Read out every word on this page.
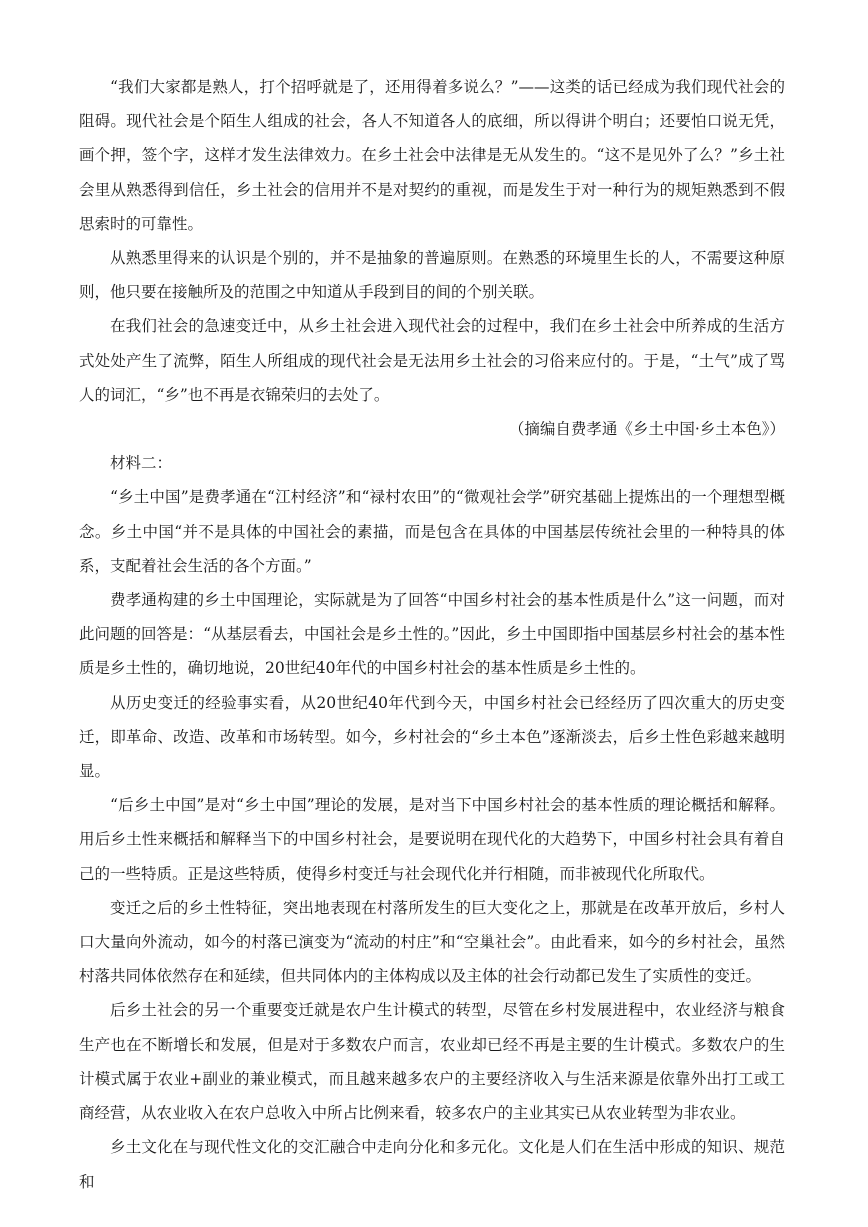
“我们大家都是熟人，打个招呼就是了，还用得着多说么？”——这类的话已经成为我们现代社会的阻碍。现代社会是个陌生人组成的社会，各人不知道各人的底细，所以得讲个明白；还要怕口说无凭，画个押，签个字，这样才发生法律效力。在乡土社会中法律是无从发生的。“这不是见外了么？”乡土社会里从熟悉得到信任，乡土社会的信用并不是对契约的重视，而是发生于对一种行为的规矩熟悉到不假思索时的可靠性。

从熟悉里得来的认识是个别的，并不是抽象的普遍原则。在熟悉的环境里生长的人，不需要这种原则，他只要在接触所及的范围之中知道从手段到目的间的个别关联。

在我们社会的急速变迁中，从乡土社会进入现代社会的过程中，我们在乡土社会中所养成的生活方式处处产生了流弊，陌生人所组成的现代社会是无法用乡土社会的习俗来应付的。于是，“土气”成了骂人的词汇，“乡”也不再是衣锦荣归的去处了。

（摘编自费孝通《乡土中国·乡土本色》）

材料二：

“乡土中国”是费孝通在“江村经济”和“禄村农田”的“微观社会学”研究基础上提炼出的一个理想型概念。乡土中国“并不是具体的中国社会的素描，而是包含在具体的中国基层传统社会里的一种特具的体系，支配着社会生活的各个方面。”

费孝通构建的乡土中国理论，实际就是为了回答“中国乡村社会的基本性质是什么”这一问题，而对此问题的回答是：“从基层看去，中国社会是乡土性的。”因此，乡土中国即指中国基层乡村社会的基本性质是乡土性的，确切地说，20世纪40年代的中国乡村社会的基本性质是乡土性的。

从历史变迁的经验事实看，从20世纪40年代到今天，中国乡村社会已经经历了四次重大的历史变迁，即革命、改造、改革和市场转型。如今，乡村社会的“乡土本色”逐渐淡去，后乡土性色彩越来越明显。

“后乡土中国”是对“乡土中国”理论的发展，是对当下中国乡村社会的基本性质的理论概括和解释。用后乡土性来概括和解释当下的中国乡村社会，是要说明在现代化的大趋势下，中国乡村社会具有着自己的一些特质。正是这些特质，使得乡村变迁与社会现代化并行相随，而非被现代化所取代。

变迁之后的乡土性特征，突出地表现在村落所发生的巨大变化之上，那就是在改革开放后，乡村人口大量向外流动，如今的村落已演变为“流动的村庄”和“空巢社会”。由此看来，如今的乡村社会，虽然村落共同体依然存在和延续，但共同体内的主体构成以及主体的社会行动都已发生了实质性的变迁。

后乡土社会的另一个重要变迁就是农户生计模式的转型，尽管在乡村发展进程中，农业经济与粮食生产也在不断增长和发展，但是对于多数农户而言，农业却已经不再是主要的生计模式。多数农户的生计模式属于农业+副业的兼业模式，而且越来越多农户的主要经济收入与生活来源是依靠外出打工或工商经营，从农业收入在农户总收入中所占比例来看，较多农户的主业其实已从农业转型为非农业。

乡土文化在与现代性文化的交汇融合中走向分化和多元化。文化是人们在生活中形成的知识、规范和
